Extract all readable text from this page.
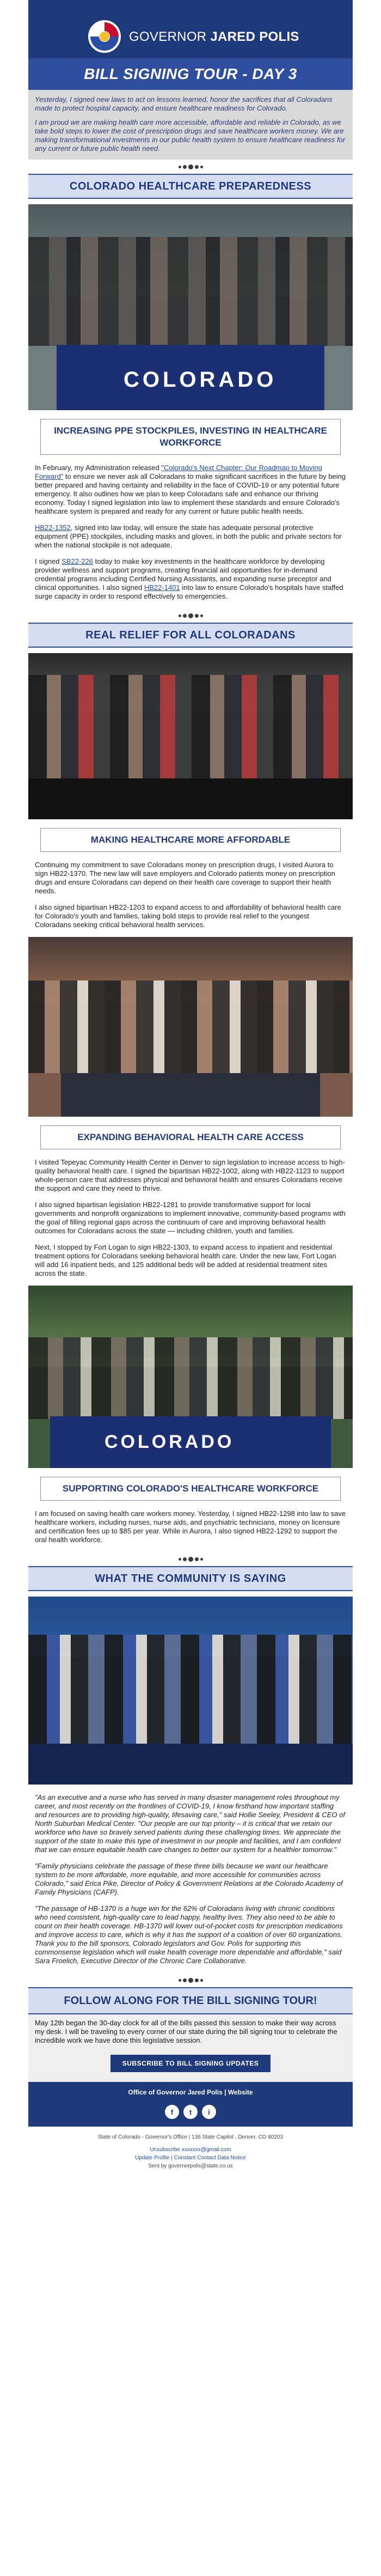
GOVERNOR JARED POLIS
BILL SIGNING TOUR - DAY 3

Yesterday, I signed new laws to act on lessons learned, honor the sacrifices that all Coloradans made to protect hospital capacity, and ensure healthcare readiness for Colorado.

I am proud we are making health care more accessible, affordable and reliable in Colorado, as we take bold steps to lower the cost of prescription drugs and save healthcare workers money. We are making transformational investments in our public health system to ensure healthcare readiness for any current or future public health need.

COLORADO HEALTHCARE PREPAREDNESS
COLORADO
INCREASING PPE STOCKPILES, INVESTING IN HEALTHCARE WORKFORCE

In February, my Administration released "Colorado's Next Chapter: Our Roadmap to Moving Forward" to ensure we never ask all Coloradans to make significant sacrifices in the future by being better prepared and having certainty and reliability in the face of COVID-19 or any potential future emergency. It also outlines how we plan to keep Coloradans safe and enhance our thriving economy. Today I signed legislation into law to implement these standards and ensure Colorado's healthcare system is prepared and ready for any current or future public health needs.

HB22-1352, signed into law today, will ensure the state has adequate personal protective equipment (PPE) stockpiles, including masks and gloves, in both the public and private sectors for when the national stockpile is not adequate.

I signed SB22-226 today to make key investments in the healthcare workforce by developing provider wellness and support programs, creating financial aid opportunities for in-demand credential programs including Certified Nursing Assistants, and expanding nurse preceptor and clinical opportunities. I also signed HB22-1401 into law to ensure Colorado's hospitals have staffed surge capacity in order to respond effectively to emergencies.

REAL RELIEF FOR ALL COLORADANS
MAKING HEALTHCARE MORE AFFORDABLE

Continuing my commitment to save Coloradans money on prescription drugs, I visited Aurora to sign HB22-1370. The new law will save employers and Colorado patients money on prescription drugs and ensure Coloradans can depend on their health care coverage to support their health needs.

I also signed bipartisan HB22-1203 to expand access to and affordability of behavioral health care for Colorado's youth and families, taking bold steps to provide real relief to the youngest Coloradans seeking critical behavioral health services.

EXPANDING BEHAVIORAL HEALTH CARE ACCESS

I visited Tepeyac Community Health Center in Denver to sign legislation to increase access to high-quality behavioral health care. I signed the bipartisan HB22-1002, along with HB22-1123 to support whole-person care that addresses physical and behavioral health and ensures Coloradans receive the support and care they need to thrive.

I also signed bipartisan legislation HB22-1281 to provide transformative support for local governments and nonprofit organizations to implement innovative, community-based programs with the goal of filling regional gaps across the continuum of care and improving behavioral health outcomes for Coloradans across the state — including children, youth and families.

Next, I stopped by Fort Logan to sign HB22-1303, to expand access to inpatient and residential treatment options for Coloradans seeking behavioral health care. Under the new law, Fort Logan will add 16 inpatient beds, and 125 additional beds will be added at residential treatment sites across the state.

COLORADO
SUPPORTING COLORADO'S HEALTHCARE WORKFORCE

I am focused on saving health care workers money. Yesterday, I signed HB22-1298 into law to save healthcare workers, including nurses, nurse aids, and psychiatric technicians, money on licensure and certification fees up to $85 per year. While in Aurora, I also signed HB22-1292 to support the oral health workforce.

WHAT THE COMMUNITY IS SAYING

"As an executive and a nurse who has served in many disaster management roles throughout my career, and most recently on the frontlines of COVID-19, I know firsthand how important staffing and resources are to providing high-quality, lifesaving care," said Hollie Seeley, President & CEO of North Suburban Medical Center. "Our people are our top priority – it is critical that we retain our workforce who have so bravely served patients during these challenging times. We appreciate the support of the state to make this type of investment in our people and facilities, and I am confident that we can ensure equitable health care changes to better our system for a healthier tomorrow."

"Family physicians celebrate the passage of these three bills because we want our healthcare system to be more affordable, more equitable, and more accessible for communities across Colorado," said Erica Pike, Director of Policy & Government Relations at the Colorado Academy of Family Physicians (CAFP).

"The passage of HB-1370 is a huge win for the 62% of Coloradans living with chronic conditions who need consistent, high-quality care to lead happy, healthy lives. They also need to be able to count on their health coverage. HB-1370 will lower out-of-pocket costs for prescription medications and improve access to care, which is why it has the support of a coalition of over 60 organizations. Thank you to the bill sponsors, Colorado legislators and Gov. Polis for supporting this commonsense legislation which will make health coverage more dependable and affordable," said Sara Froelich, Executive Director of the Chronic Care Collaborative.

FOLLOW ALONG FOR THE BILL SIGNING TOUR!
May 12th began the 30-day clock for all of the bills passed this session to make their way across my desk. I will be traveling to every corner of our state during the bill signing tour to celebrate the incredible work we have done this legislative session.
SUBSCRIBE TO BILL SIGNING UPDATES
Office of Governor Jared Polis | Website
f	t	i
State of Colorado - Governor's Office | 136 State Capitol , Denver, CO 80203
Unsubscribe xxxxxxx@gmail.com
Update Profile | Constant Contact Data Notice
Sent by governorpolis@state.co.us
